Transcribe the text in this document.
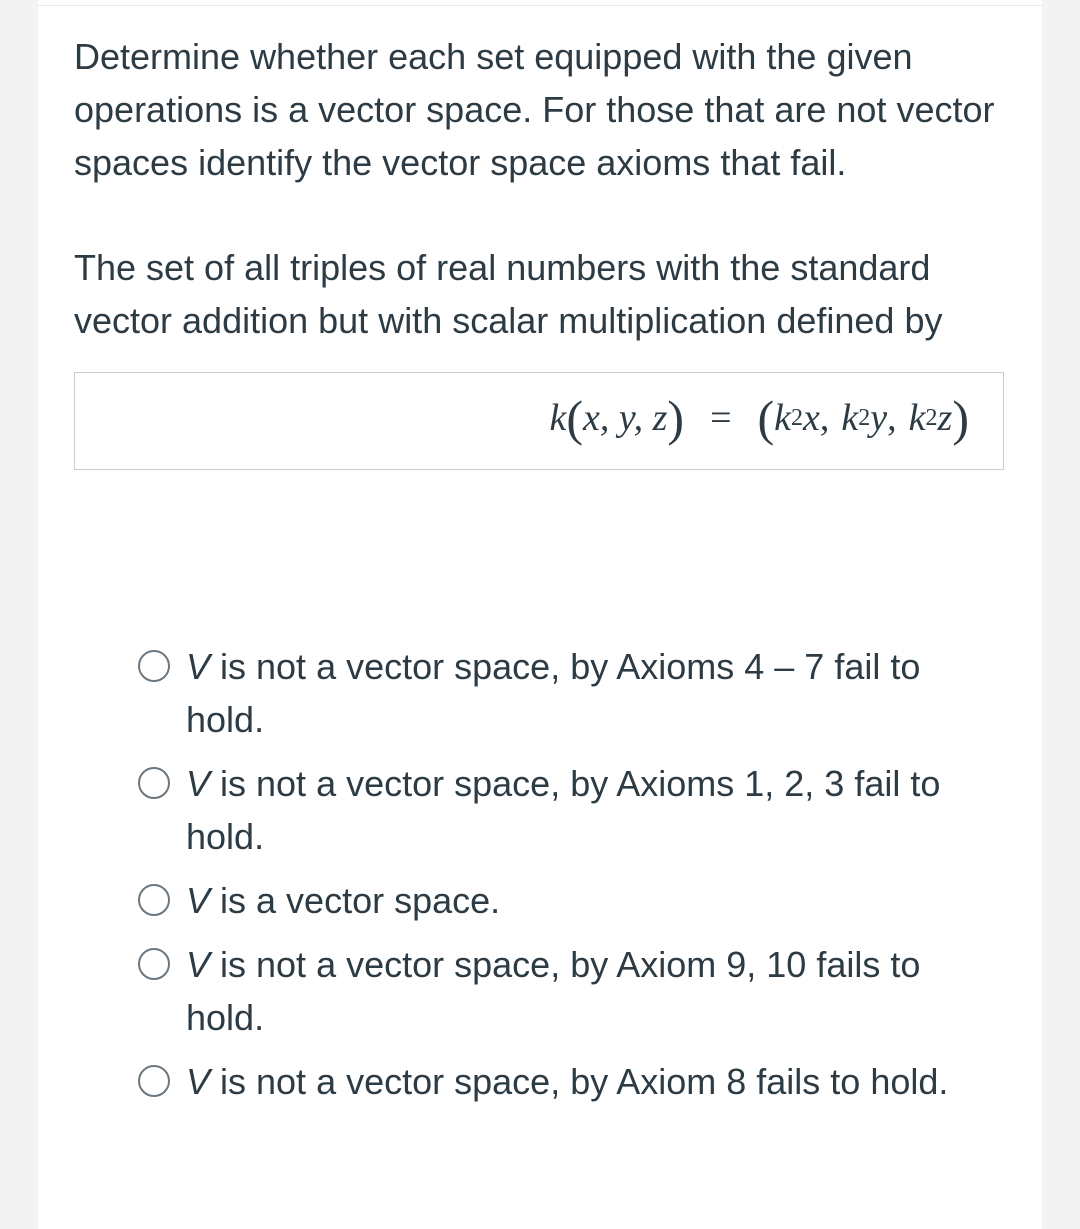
Determine whether each set equipped with the given operations is a vector space. For those that are not vector spaces identify the vector space axioms that fail.

The set of all triples of real numbers with the standard vector addition but with scalar multiplication defined by

k ( x, y, z ) = ( k 2 x , k 2 y , k 2 z )
V is not a vector space, by Axioms 4 – 7 fail to hold.
V is not a vector space, by Axioms 1, 2, 3 fail to hold.
V is a vector space.
V is not a vector space, by Axiom 9, 10 fails to hold.
V is not a vector space, by Axiom 8 fails to hold.
